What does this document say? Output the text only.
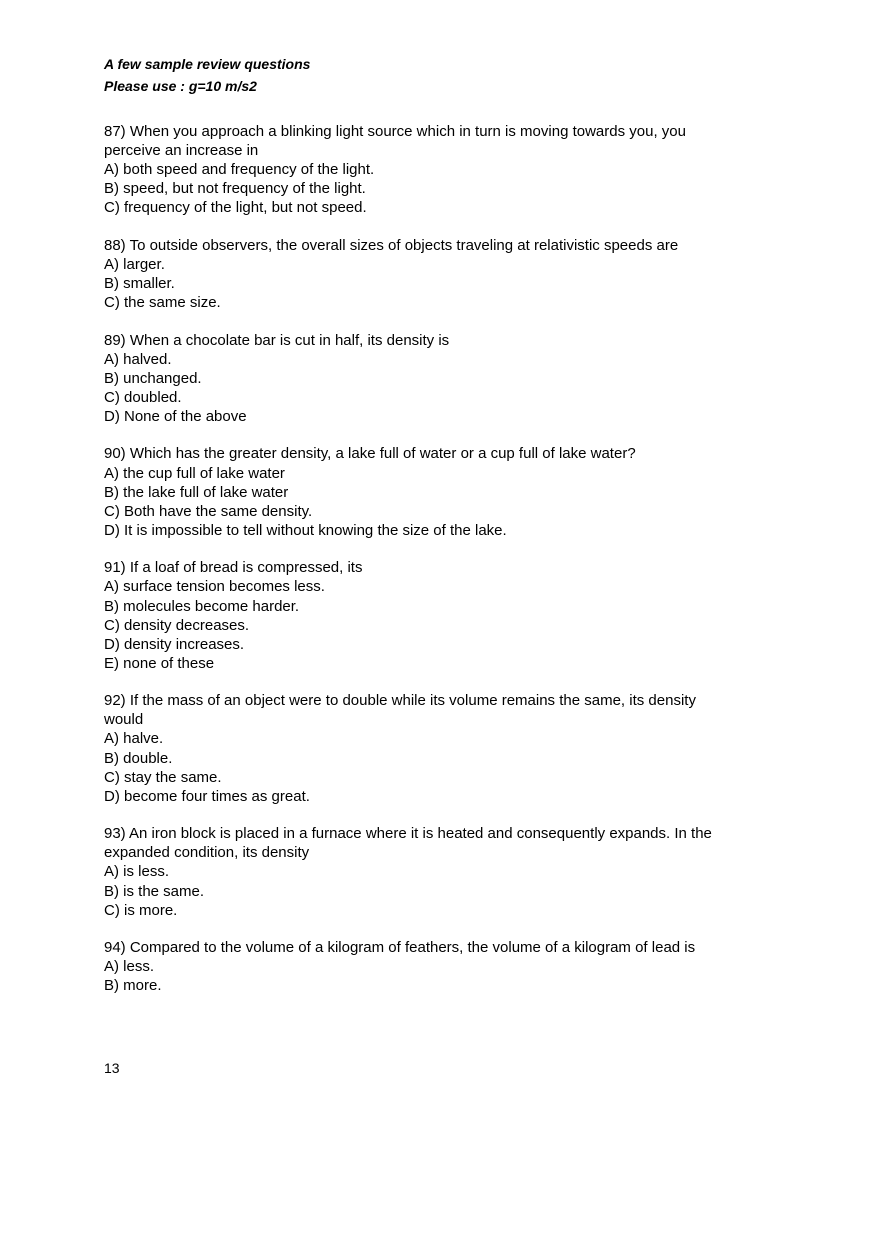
A few sample review questions
Please use : g=10 m/s2
87) When you approach a blinking light source which in turn is moving towards you, you perceive an increase in
A) both speed and frequency of the light.
B) speed, but not frequency of the light.
C) frequency of the light, but not speed.
88) To outside observers, the overall sizes of objects traveling at relativistic speeds are
A) larger.
B) smaller.
C) the same size.
89) When a chocolate bar is cut in half, its density is
A) halved.
B) unchanged.
C) doubled.
D) None of the above
90) Which has the greater density, a lake full of water or a cup full of lake water?
A) the cup full of lake water
B) the lake full of lake water
C) Both have the same density.
D) It is impossible to tell without knowing the size of the lake.
91) If a loaf of bread is compressed, its
A) surface tension becomes less.
B) molecules become harder.
C) density decreases.
D) density increases.
E) none of these
92) If the mass of an object were to double while its volume remains the same, its density would
A) halve.
B) double.
C) stay the same.
D) become four times as great.
93) An iron block is placed in a furnace where it is heated and consequently expands. In the expanded condition, its density
A) is less.
B) is the same.
C) is more.
94) Compared to the volume of a kilogram of feathers, the volume of a kilogram of lead is
A) less.
B) more.
13
